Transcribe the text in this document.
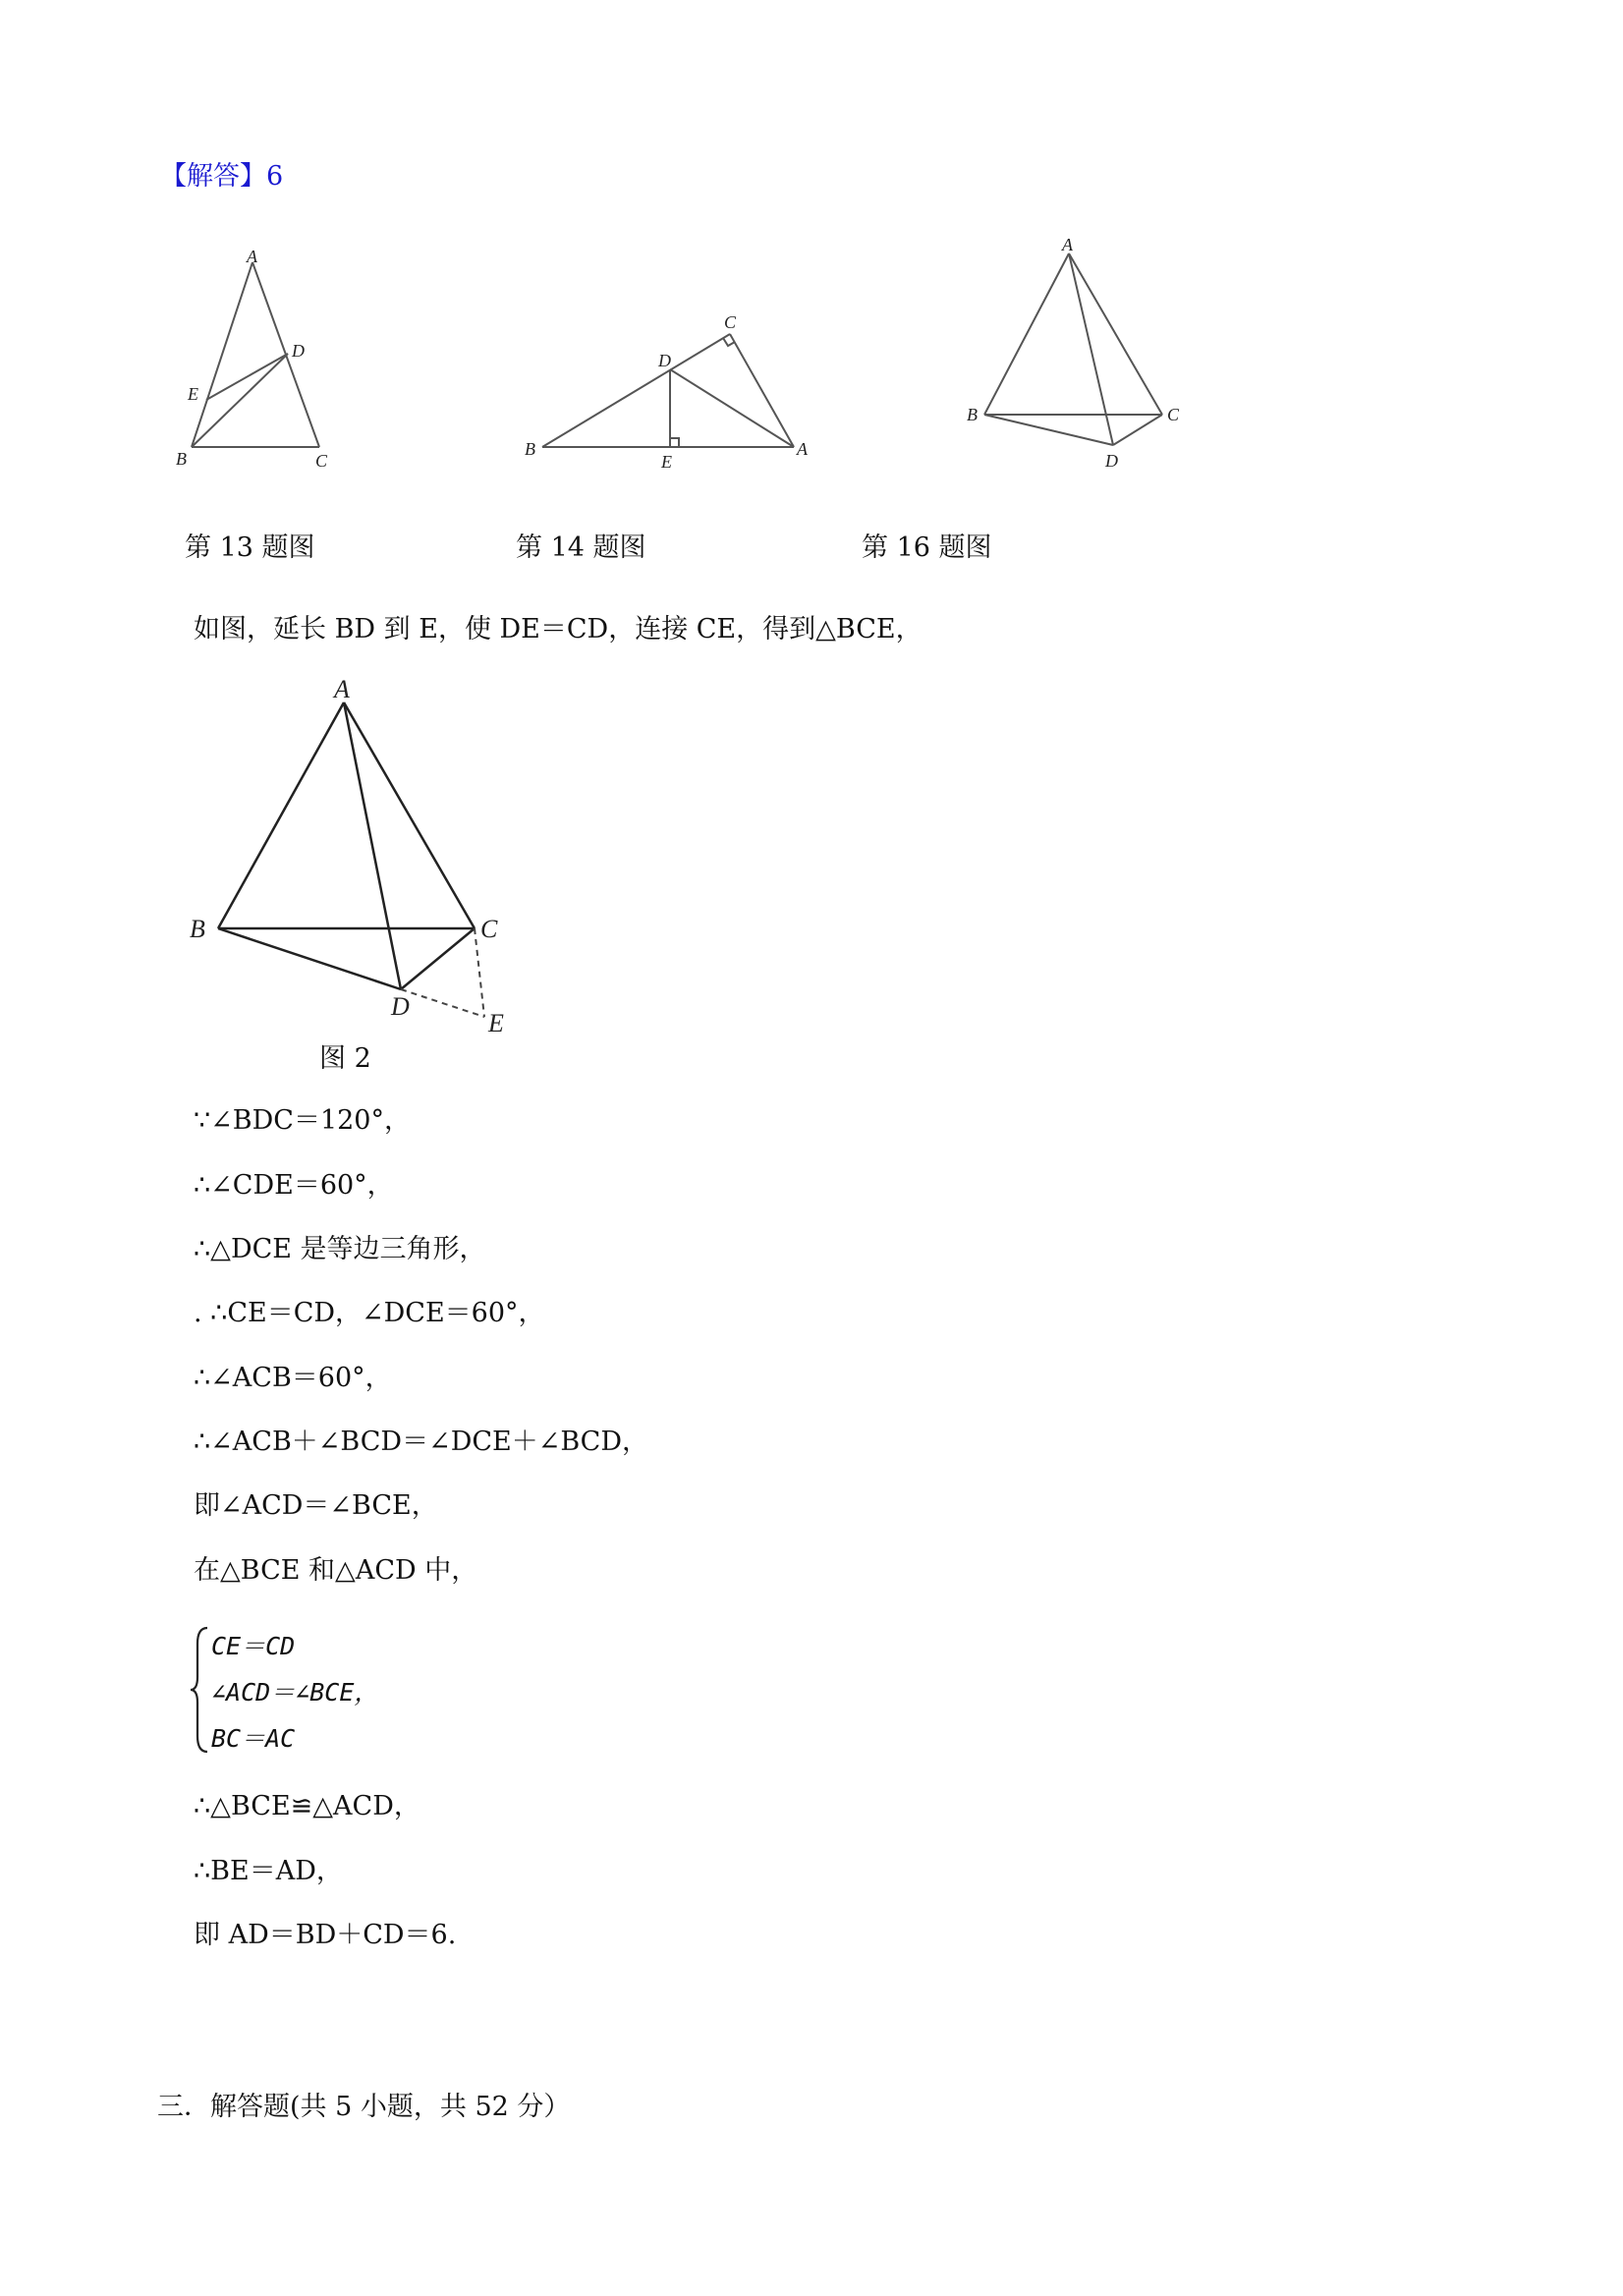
【解答】6
A
D
E
B	C
C
D
B
E
A
A
B	C
D
第 13 题图	第 14 题图	第 16 题图
如图，延长 BD 到 E，使 DE＝CD，连接 CE，得到△BCE，
A
B	C
D
E
图 2
∵∠BDC＝120°，
∴∠CDE＝60°，
∴△DCE 是等边三角形，
. ∴CE＝CD，∠DCE＝60°，
∴∠ACB＝60°，
∴∠ACB＋∠BCD＝∠DCE＋∠BCD，
即∠ACD＝∠BCE，
在△BCE 和△ACD 中，
CE＝CD
∠ACD＝∠BCE，
BC＝AC
∴△BCE≌△ACD，
∴BE＝AD，
即 AD＝BD＋CD＝6.
三．解答题(共 5 小题，共 52 分）
